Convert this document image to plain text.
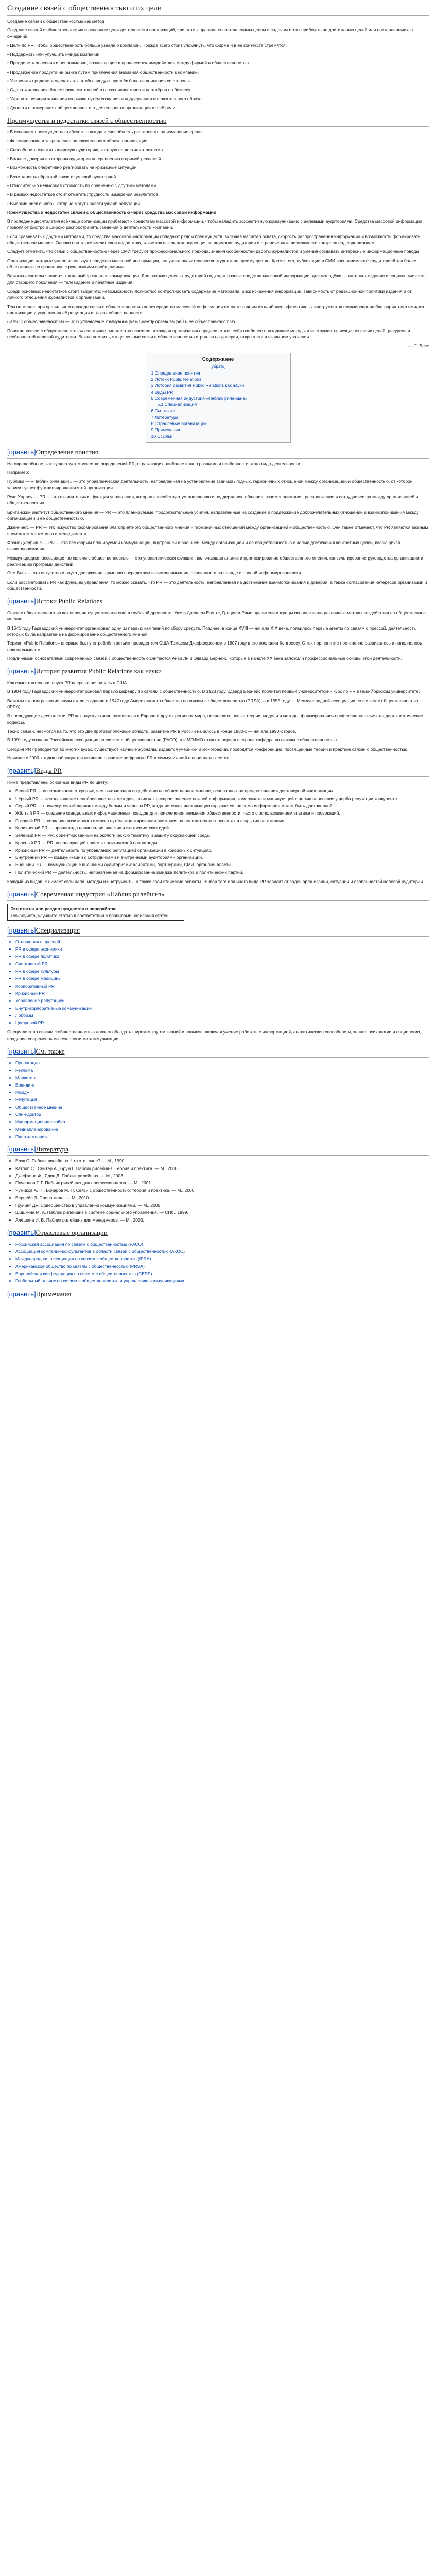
Создание связей с общественностью и их цели

Создание связей с общественностью как метод

Создание связей с общественностью и основные цели деятельности организаций, при этом к правильно поставленным целям и задачам стоит прибегать по достижению целей или поставленных ею ожиданий.

• Цели по PR, чтобы общественность больше узнала о компании. Прежде всего стоит упомянуть, что фирма и в ее контексте стремятся.

• Поддержать или улучшить имидж компании.

• Преодолеть опасения и непонимание, возникающие в процессе взаимодействия между фирмой и общественностью.

• Продвижение продукта на рынке путём привлечения внимания общественности к компании.

• Увеличить продажи и сделать так, чтобы продукт привлёк больше внимания со стороны.

• Сделать компанию более привлекательной в глазах инвесторов и партнёров по бизнесу.

• Укрепить позиции компании на рынке путём создания и поддержания положительного образа.

• Донести о намерениях общественности о деятельности организации и о её роли.

Преимущества и недостатки связей с общественностью

• В основном преимущества: гибкость подхода и способность реагировать на изменения среды.

• Формирование и закрепление положительного образа организации.

• Способность охватить широкую аудиторию, которую не достигает реклама.

• Больше доверия со стороны аудитории по сравнению с прямой рекламой.

• Возможность оперативно реагировать на кризисные ситуации.

• Возможность обратной связи с целевой аудиторией.

• Относительно невысокая стоимость по сравнению с другими методами.

• В рамках недостатков стоит отметить: трудность измерения результатов.

• Высокий риск ошибок, которые могут нанести ущерб репутации.

Преимущества и недостатки связей с общественностью через средства массовой информации

В последние десятилетия всё чаще организации прибегают к средствам массовой информации, чтобы наладить эффективную коммуникацию с целевыми аудиториями. Средства массовой информации позволяют быстро и широко распространять сведения о деятельности компании.

Если сравнивать с другими методами, то средства массовой информации обладают рядом преимуществ, включая масштаб охвата, скорость распространения информации и возможность формировать общественное мнение. Однако они также имеют свои недостатки, такие как высокая конкуренция за внимание аудитории и ограниченные возможности контроля над содержанием.

Следует отметить, что связи с общественностью через СМИ требуют профессионального подхода, знания особенностей работы журналистов и умения создавать интересные информационные поводы.

Организации, которые умело используют средства массовой информации, получают значительное конкурентное преимущество. Кроме того, публикации в СМИ воспринимаются аудиторией как более объективные по сравнению с рекламными сообщениями.

Важным аспектом является также выбор каналов коммуникации. Для разных целевых аудиторий подходят разные средства массовой информации: для молодёжи — интернет-издания и социальные сети, для старшего поколения — телевидение и печатные издания.

Среди основных недостатков стоит выделить: невозможность полностью контролировать содержание материала, риск искажения информации, зависимость от редакционной политики издания и от личного отношения журналистов к организации.

Тем не менее, при правильном подходе связи с общественностью через средства массовой информации остаются одним из наиболее эффективных инструментов формирования благоприятного имиджа организации и укрепления её репутации в глазах общественности.

Связи с общественностью — это управление коммуникациями между организацией и её общественностью.

Понятие «связи с общественностью» охватывает множество аспектов, и каждая организация определяет для себя наиболее подходящие методы и инструменты, исходя из своих целей, ресурсов и особенностей целевой аудитории. Важно помнить, что успешные связи с общественностью строятся на доверии, открытости и взаимном уважении.

— С. Блэк
Содержание
[убрать]
1 Определение понятия
2 Истоки Public Relations
3 История развития Public Relations как науки
4 Виды PR
5 Современная индустрия «Паблик рилейшнз»
5.1 Специализация
6 См. также
7 Литература
8 Отраслевые организации
9 Примечания
10 Ссылки
[править]Определение понятия

Не определённое, как существует множество определений PR, отражающих наиболее важно развитие и особенности этого вида деятельности.

Например:

Публика — «Паблик рилейшнз» — это управленческая деятельность, направленная на установление взаимовыгодных, гармоничных отношений между организацией и общественностью, от которой зависит успех функционирования этой организации.

Рекс Харлоу — PR — это отличительная функция управления, которая способствует установлению и поддержанию общения, взаимопонимания, расположения и сотрудничества между организацией и общественностью.

Британский институт общественного мнения — PR — это планируемые, продолжительные усилия, направленные на создание и поддержание доброжелательных отношений и взаимопонимания между организацией и её общественностью.

Дженнингс — PR — это искусство формирования благоприятного общественного мнения и гармоничных отношений между организацией и общественностью. Они также отмечают, что PR являются важным элементом маркетинга и менеджмента.

Фрэнк Джефкинс — PR — это все формы планируемой коммуникации, внутренней и внешней, между организацией и её общественностью с целью достижения конкретных целей, касающихся взаимопонимания.

Международная ассоциация по связям с общественностью — это управленческая функция, включающая анализ и прогнозирование общественного мнения, консультирование руководства организации и реализацию программ действий.

Сэм Блэк — это искусство и наука достижения гармонии посредством взаимопонимания, основанного на правде и полной информированности.

Если рассматривать PR как функцию управления, то можно сказать, что PR — это деятельность, направленная на достижение взаимопонимания и доверия, а также согласования интересов организации и общественности.

[править]Истоки Public Relations

Связи с общественностью как явление существовали ещё в глубокой древности. Уже в Древнем Египте, Греции и Риме правители и жрецы использовали различные методы воздействия на общественное мнение.

В 1641 году Гарвардский университет организовал одну из первых кампаний по сбору средств. Позднее, в конце XVIII — начале XIX века, появились первые агенты по связям с прессой, деятельность которых была направлена на формирование общественного мнения.

Термин «Public Relations» впервые был употреблён третьим президентом США Томасом Джефферсоном в 1807 году в его послании Конгрессу. С тех пор понятие постепенно развивалось и наполнялось новым смыслом.

Подлинными основателями современных связей с общественностью считаются Айви Ли и Эдвард Бернейс, которые в начале XX века заложили профессиональные основы этой деятельности.

[править]История развития Public Relations как науки

Как самостоятельная наука PR впервые появилась в США.

В 1904 году Гарвардский университет основал первую кафедру по связям с общественностью. В 1923 году Эдвард Бернейс прочитал первый университетский курс по PR в Нью-Йоркском университете.

Важным этапом развития науки стало создание в 1947 году Американского общества по связям с общественностью (PRSA), а в 1955 году — Международной ассоциации по связям с общественностью (IPRA).

В последующие десятилетия PR как наука активно развивался в Европе и других регионах мира, появлялись новые теории, модели и методы, формировались профессиональные стандарты и этические кодексы.

Тесно связан, несмотря на то, что это две противоположные области, развитие PR в России началось в конце 1980-х — начале 1990-х годов.

В 1991 году создана Российская ассоциация по связям с общественностью (РАСО), а в МГИМО открыта первая в стране кафедра по связям с общественностью.

Сегодня PR преподаётся во многих вузах, существуют научные журналы, издаются учебники и монографии, проводятся конференции, посвящённые теории и практике связей с общественностью.

Начиная с 2000-х годов наблюдается активное развитие цифрового PR и коммуникаций в социальных сетях.

[править]Виды PR

Ниже представлены основные виды PR по цвету:

• Белый PR — использование открытых, честных методов воздействия на общественное мнение, основанных на предоставлении достоверной информации.
• Чёрный PR — использование недобросовестных методов, таких как распространение ложной информации, компромата и манипуляций с целью нанесения ущерба репутации конкурента.
• Серый PR — промежуточный вариант между белым и чёрным PR, когда источник информации скрывается, но сама информация может быть достоверной.
• Жёлтый PR — создание скандальных информационных поводов для привлечения внимания общественности, часто с использованием эпатажа и провокаций.
• Розовый PR — создание позитивного имиджа путём акцентирования внимания на положительных аспектах и сокрытия негативных.
• Коричневый PR — пропаганда националистических и экстремистских идей.
• Зелёный PR — PR, ориентированный на экологическую тематику и защиту окружающей среды.
• Красный PR — PR, использующий приёмы политической пропаганды.
• Кризисный PR — деятельность по управлению репутацией организации в кризисных ситуациях.
• Внутренний PR — коммуникации с сотрудниками и внутренними аудиториями организации.
• Внешний PR — коммуникации с внешними аудиториями: клиентами, партнёрами, СМИ, органами власти.
• Политический PR — деятельность, направленная на формирование имиджа политиков и политических партий.

Каждый из видов PR имеет свои цели, методы и инструменты, а также свои этические аспекты. Выбор того или иного вида PR зависит от задач организации, ситуации и особенностей целевой аудитории.

[править]Современная индустрия «Паблик рилейшнз»
Эта статья или раздел нуждается в переработке.
Пожалуйста, улучшите статью в соответствии с правилами написания статей.
[править]Специализация
• Отношения с прессой
• PR в сфере экономики
• PR в сфере политики
• Спортивный PR
• PR в сфере культуры
• PR в сфере медицины
• Корпоративный PR
• Кризисный PR
• Управление репутацией
• Внутрикорпоративные коммуникации
• Лоббизм
• Цифровой PR

Специалист по связям с общественностью должен обладать широким кругом знаний и навыков, включая умение работать с информацией, аналитические способности, знание психологии и социологии, владение современными технологиями коммуникации.

[править]См. также
• Пропаганда
• Реклама
• Маркетинг
• Брендинг
• Имидж
• Репутация
• Общественное мнение
• Спин-доктор
• Информационная война
• Медиапланирование
• Пиар-кампания
[править]Литература
• Блэк С. Паблик рилейшнз. Что это такое? — М., 1990.
• Катлип С., Сентер А., Брум Г. Паблик рилейшнз. Теория и практика. — М., 2000.
• Джефкинс Ф., Ядин Д. Паблик рилейшнз. — М., 2003.
• Почепцов Г. Г. Паблик рилейшнз для профессионалов. — М., 2001.
• Чумиков А. Н., Бочаров М. П. Связи с общественностью: теория и практика. — М., 2006.
• Бернейс Э. Пропаганда. — М., 2010.
• Грунинг Дж. Совершенство в управлении коммуникациями. — М., 2005.
• Шишкина М. А. Паблик рилейшнз в системе социального управления. — СПб., 1999.
• Алёшина И. В. Паблик рилейшнз для менеджеров. — М., 2003.
[править]Отраслевые организации
• Российская ассоциация по связям с общественностью (РАСО)
• Ассоциация компаний-консультантов в области связей с общественностью (АКОС)
• Международная ассоциация по связям с общественностью (IPRA)
• Американское общество по связям с общественностью (PRSA)
• Европейская конфедерация по связям с общественностью (CERP)
• Глобальный альянс по связям с общественностью и управлению коммуникациями
[править]Примечания
